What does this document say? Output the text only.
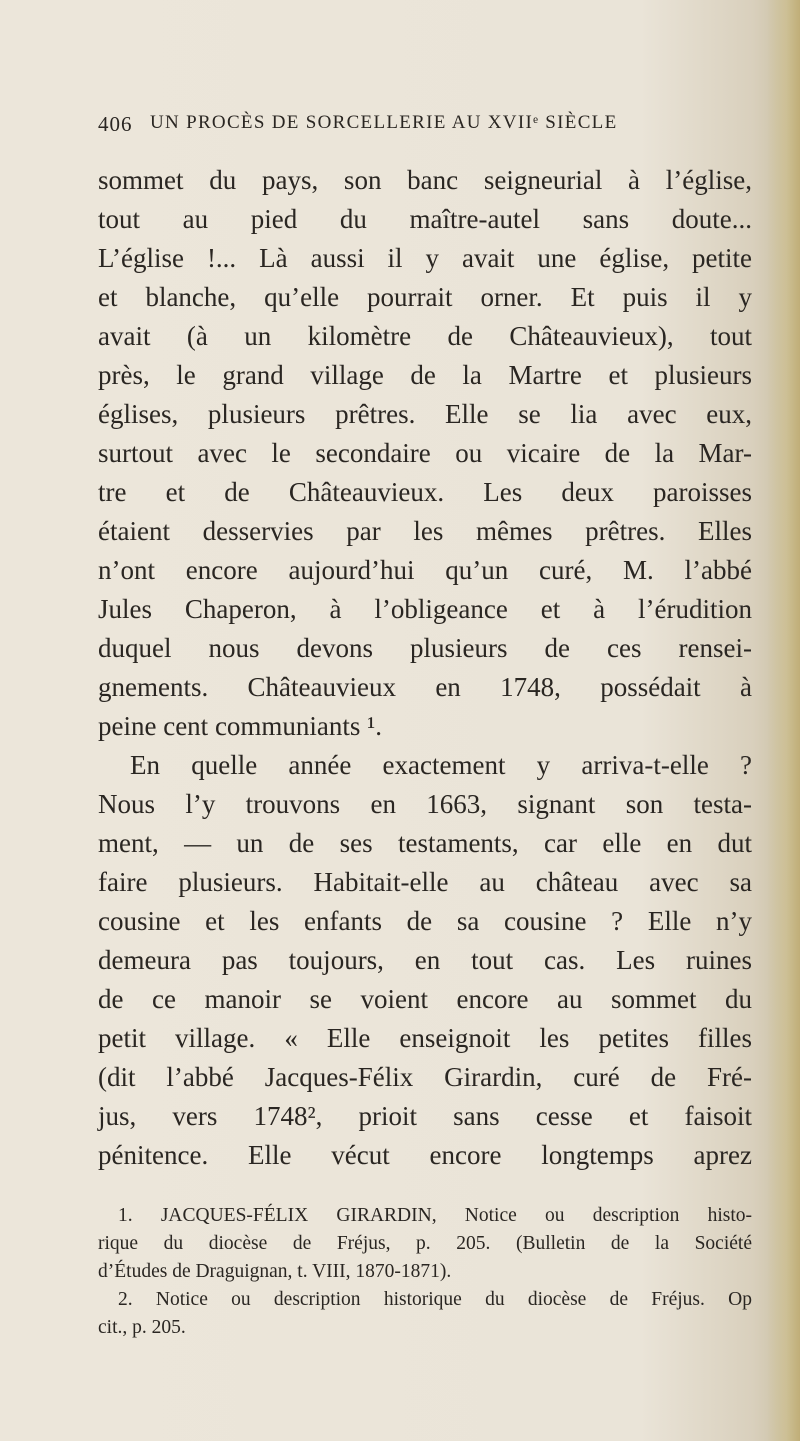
406 UN PROCÈS DE SORCELLERIE AU XVIIᵉ SIÈCLE
sommet du pays, son banc seigneurial à l’église,
tout au pied du maître-autel sans doute...
L’église !... Là aussi il y avait une église, petite
et blanche, qu’elle pourrait orner. Et puis il y
avait (à un kilomètre de Châteauvieux), tout
près, le grand village de la Martre et plusieurs
églises, plusieurs prêtres. Elle se lia avec eux,
surtout avec le secondaire ou vicaire de la Mar-
tre et de Châteauvieux. Les deux paroisses
étaient desservies par les mêmes prêtres. Elles
n’ont encore aujourd’hui qu’un curé, M. l’abbé
Jules Chaperon, à l’obligeance et à l’érudition
duquel nous devons plusieurs de ces rensei-
gnements. Châteauvieux en 1748, possédait à
peine cent communiants ¹.
En quelle année exactement y arriva-t-elle ?
Nous l’y trouvons en 1663, signant son testa-
ment, — un de ses testaments, car elle en dut
faire plusieurs. Habitait-elle au château avec sa
cousine et les enfants de sa cousine ? Elle n’y
demeura pas toujours, en tout cas. Les ruines
de ce manoir se voient encore au sommet du
petit village. « Elle enseignoit les petites filles
(dit l’abbé Jacques-Félix Girardin, curé de Fré-
jus, vers 1748², prioit sans cesse et faisoit
pénitence. Elle vécut encore longtemps aprez
1. JACQUES-FÉLIX GIRARDIN, Notice ou description histo-
rique du diocèse de Fréjus, p. 205. (Bulletin de la Société
d’Études de Draguignan, t. VIII, 1870-1871).
2. Notice ou description historique du diocèse de Fréjus. Op
cit., p. 205.
